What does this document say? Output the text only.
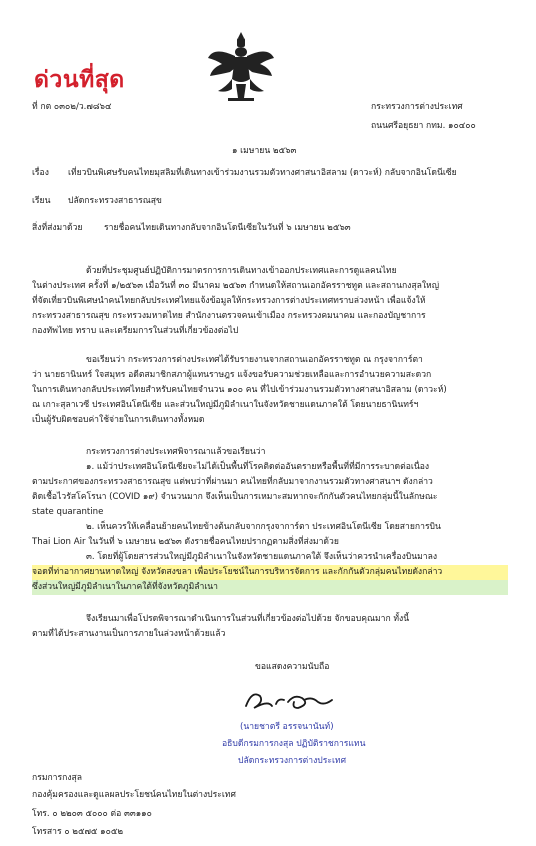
ด่วนที่สุด
ที่ กต ๐๓๐๒/ว.๗๘๖๔	กระทรวงการต่างประเทศ
ถนนศรีอยุธยา กทม. ๑๐๔๐๐
๑ เมษายน ๒๕๖๓
เรื่อง เที่ยวบินพิเศษรับคนไทยมุสลิมที่เดินทางเข้าร่วมงานรวมตัวทางศาสนาอิสลาม (ดาวะห์) กลับจากอินโดนีเซีย
เรียน ปลัดกระทรวงสาธารณสุข
สิ่งที่ส่งมาด้วย	รายชื่อคนไทยเดินทางกลับจากอินโดนีเซียในวันที่ ๖ เมษายน ๒๕๖๓
ด้วยที่ประชุมศูนย์ปฏิบัติการมาตรการการเดินทางเข้าออกประเทศและการดูแลคนไทย
ในต่างประเทศ ครั้งที่ ๑/๒๕๖๓ เมื่อวันที่ ๓๐ มีนาคม ๒๕๖๓ กำหนดให้สถานเอกอัครราชทูต และสถานกงสุลใหญ่
ที่จัดเที่ยวบินพิเศษนำคนไทยกลับประเทศไทยแจ้งข้อมูลให้กระทรวงการต่างประเทศทราบล่วงหน้า เพื่อแจ้งให้
กระทรวงสาธารณสุข กระทรวงมหาดไทย สำนักงานตรวจคนเข้าเมือง กระทรวงคมนาคม และกองบัญชาการ
กองทัพไทย ทราบ และเตรียมการในส่วนที่เกี่ยวข้องต่อไป
ขอเรียนว่า กระทรวงการต่างประเทศได้รับรายงานจากสถานเอกอัครราชทูต ณ กรุงจาการ์ตา
ว่า นายธานินทร์ ใจสมุทร อดีตสมาชิกสภาผู้แทนราษฎร แจ้งขอรับความช่วยเหลือและการอำนวยความสะดวก
ในการเดินทางกลับประเทศไทยสำหรับคนไทยจำนวน ๑๐๐ คน ที่ไปเข้าร่วมงานรวมตัวทางศาสนาอิสลาม (ดาวะห์)
ณ เกาะสุลาเวซี ประเทศอินโดนีเซีย และส่วนใหญ่มีภูมิลำเนาในจังหวัดชายแดนภาคใต้ โดยนายธานินทร์ฯ
เป็นผู้รับผิดชอบค่าใช้จ่ายในการเดินทางทั้งหมด
กระทรวงการต่างประเทศพิจารณาแล้วขอเรียนว่า
๑. แม้ว่าประเทศอินโดนีเซียจะไม่ได้เป็นพื้นที่โรคติดต่ออันตรายหรือพื้นที่ที่มีการระบาดต่อเนื่อง
ตามประกาศของกระทรวงสาธารณสุข แต่พบว่าที่ผ่านมา คนไทยที่กลับมาจากงานรวมตัวทางศาสนาฯ ดังกล่าว
ติดเชื้อไวรัสโคโรนา (COVID ๑๙) จำนวนมาก จึงเห็นเป็นการเหมาะสมหากจะกักกันตัวคนไทยกลุ่มนี้ในลักษณะ
state quarantine
๒. เห็นควรให้เคลื่อนย้ายคนไทยข้างต้นกลับจากกรุงจาการ์ตา ประเทศอินโดนีเซีย โดยสายการบิน
Thai Lion Air ในวันที่ ๖ เมษายน ๒๕๖๓ ดังรายชื่อคนไทยปรากฏตามสิ่งที่ส่งมาด้วย
๓. โดยที่ผู้โดยสารส่วนใหญ่มีภูมิลำเนาในจังหวัดชายแดนภาคใต้ จึงเห็นว่าควรนำเครื่องบินมาลง
จอดที่ท่าอากาศยานหาดใหญ่ จังหวัดสงขลา เพื่อประโยชน์ในการบริหารจัดการ และกักกันตัวกลุ่มคนไทยดังกล่าว
ซึ่งส่วนใหญ่มีภูมิลำเนาในภาคใต้ที่จังหวัดภูมิลำเนา
จึงเรียนมาเพื่อโปรดพิจารณาดำเนินการในส่วนที่เกี่ยวข้องต่อไปด้วย จักขอบคุณมาก ทั้งนี้
ตามที่ได้ประสานงานเป็นการภายในล่วงหน้าด้วยแล้ว
ขอแสดงความนับถือ
(นายชาตรี อรรจนานันท์)
อธิบดีกรมการกงสุล ปฏิบัติราชการแทน
ปลัดกระทรวงการต่างประเทศ
กรมการกงสุล
กองคุ้มครองและดูแลผลประโยชน์คนไทยในต่างประเทศ
โทร. ๐ ๒๒๐๓ ๕๐๐๐ ต่อ ๓๓๑๑๐
โทรสาร ๐ ๒๕๗๕ ๑๐๕๒
